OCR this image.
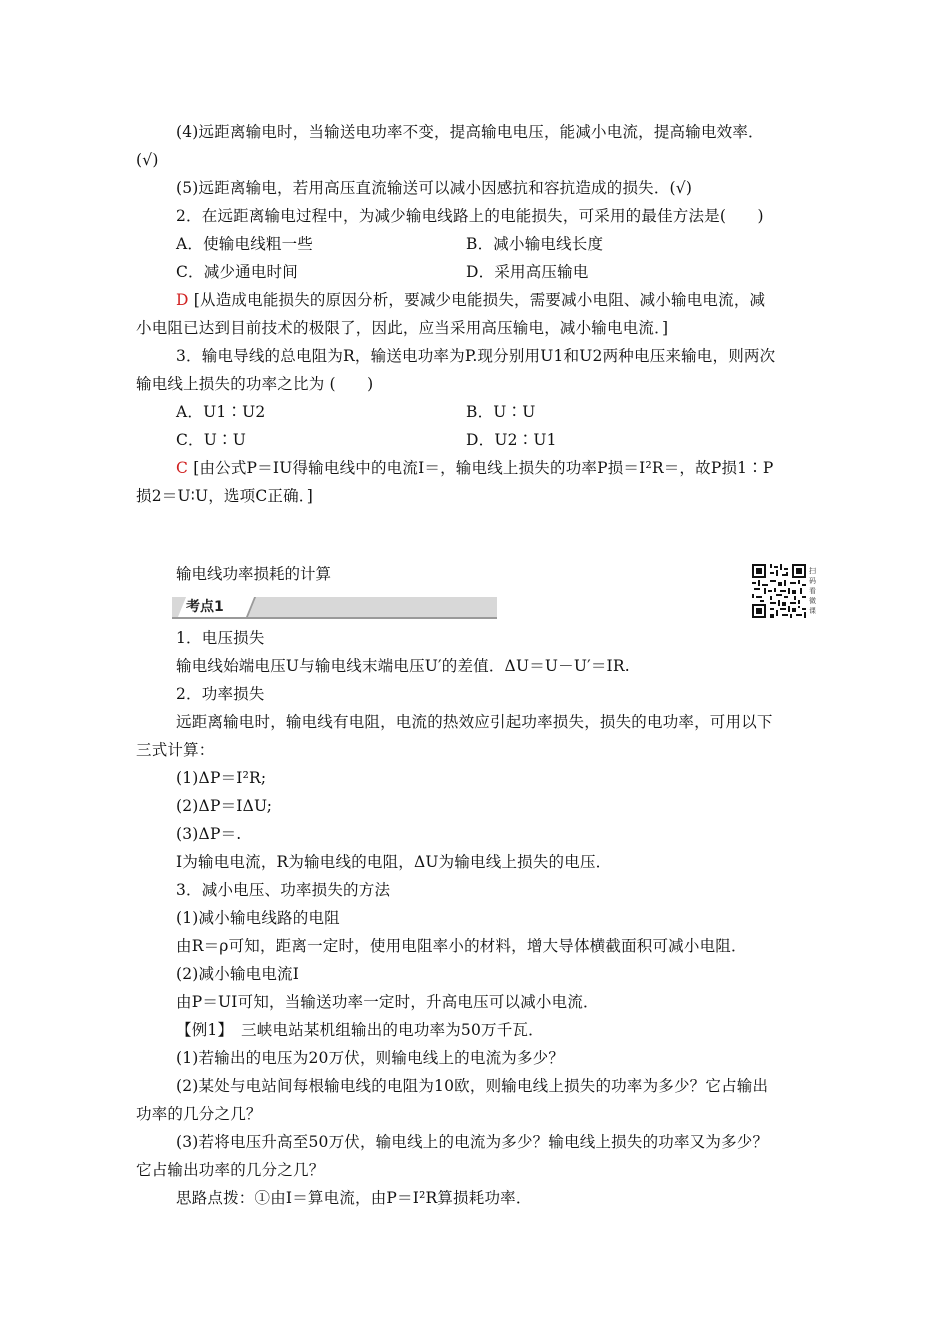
(4)远距离输电时，当输送电功率不变，提高输电电压，能减小电流，提高输电效率．
(√)
(5)远距离输电，若用高压直流输送可以减小因感抗和容抗造成的损失．(√)
2．在远距离输电过程中，为减少输电线路上的电能损失，可采用的最佳方法是(　　)
A．使输电线粗一些	B．减小输电线长度
C．减少通电时间	D．采用高压输电
D [从造成电能损失的原因分析，要减少电能损失，需要减小电阻、减小输电电流，减
小电阻已达到目前技术的极限了，因此，应当采用高压输电，减小输电电流．]
3．输电导线的总电阻为R，输送电功率为P.现分别用U1和U2两种电压来输电，则两次
输电线上损失的功率之比为 (　　)
A．U1∶U2	B．U∶U
C．U∶U	D．U2∶U1
C [由公式P＝IU得输电线中的电流I＝，输电线上损失的功率P损＝I²R＝，故P损1∶P
损2＝U∶U，选项C正确．]
输电线功率损耗的计算
考点1
扫码看微课
1．电压损失
输电线始端电压U与输电线末端电压U′的差值．ΔU＝U－U′＝IR.
2．功率损失
远距离输电时，输电线有电阻，电流的热效应引起功率损失，损失的电功率，可用以下
三式计算：
(1)ΔP＝I²R;
(2)ΔP＝IΔU;
(3)ΔP＝.
I为输电电流，R为输电线的电阻，ΔU为输电线上损失的电压．
3．减小电压、功率损失的方法
(1)减小输电线路的电阻
由R＝ρ可知，距离一定时，使用电阻率小的材料，增大导体横截面积可减小电阻．
(2)减小输电电流I
由P＝UI可知，当输送功率一定时，升高电压可以减小电流．
【例1】　三峡电站某机组输出的电功率为50万千瓦．
(1)若输出的电压为20万伏，则输电线上的电流为多少？
(2)某处与电站间每根输电线的电阻为10欧，则输电线上损失的功率为多少？它占输出
功率的几分之几？
(3)若将电压升高至50万伏，输电线上的电流为多少？输电线上损失的功率又为多少？
它占输出功率的几分之几？
思路点拨：①由I＝算电流，由P＝I²R算损耗功率．
